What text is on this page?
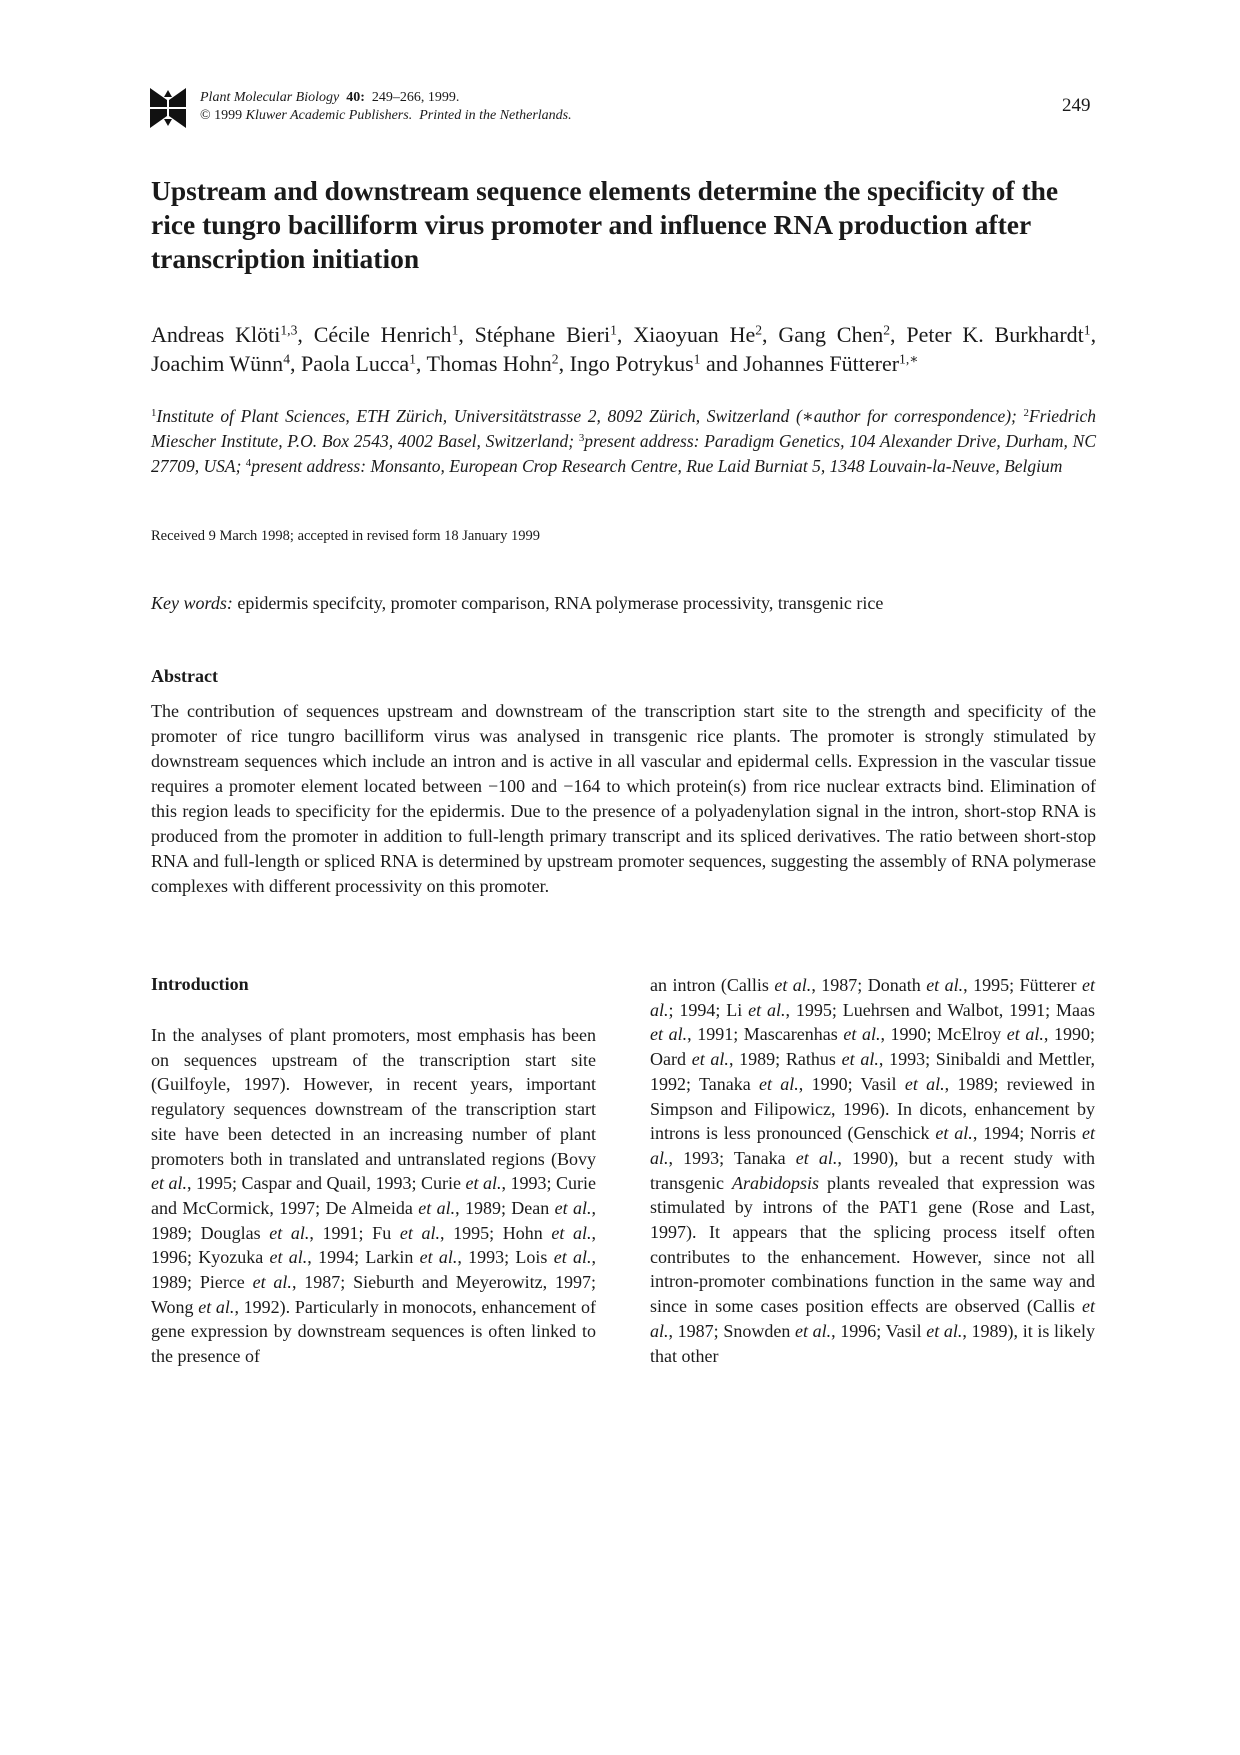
Plant Molecular Biology 40: 249–266, 1999.
© 1999 Kluwer Academic Publishers. Printed in the Netherlands.	249
Upstream and downstream sequence elements determine the specificity of the rice tungro bacilliform virus promoter and influence RNA production after transcription initiation
Andreas Klöti$^{1,3}$, Cécile Henrich$^1$, Stéphane Bieri$^1$, Xiaoyuan He$^2$, Gang Chen$^2$, Peter K. Burkhardt$^1$, Joachim Wünn$^4$, Paola Lucca$^1$, Thomas Hohn$^2$, Ingo Potrykus$^1$ and Johannes Fütterer$^{1,∗}$
$^1$Institute of Plant Sciences, ETH Zürich, Universitätstrasse 2, 8092 Zürich, Switzerland (∗author for correspondence); $^2$Friedrich Miescher Institute, P.O. Box 2543, 4002 Basel, Switzerland; $^3$present address: Paradigm Genetics, 104 Alexander Drive, Durham, NC 27709, USA; $^4$present address: Monsanto, European Crop Research Centre, Rue Laid Burniat 5, 1348 Louvain-la-Neuve, Belgium
Received 9 March 1998; accepted in revised form 18 January 1999
Key words: epidermis specifcity, promoter comparison, RNA polymerase processivity, transgenic rice
Abstract

The contribution of sequences upstream and downstream of the transcription start site to the strength and specificity of the promoter of rice tungro bacilliform virus was analysed in transgenic rice plants. The promoter is strongly stimulated by downstream sequences which include an intron and is active in all vascular and epidermal cells. Expression in the vascular tissue requires a promoter element located between −100 and −164 to which protein(s) from rice nuclear extracts bind. Elimination of this region leads to specificity for the epidermis. Due to the presence of a polyadenylation signal in the intron, short-stop RNA is produced from the promoter in addition to full-length primary transcript and its spliced derivatives. The ratio between short-stop RNA and full-length or spliced RNA is determined by upstream promoter sequences, suggesting the assembly of RNA polymerase complexes with different processivity on this promoter.

Introduction

In the analyses of plant promoters, most emphasis has been on sequences upstream of the transcription start site (Guilfoyle, 1997). However, in recent years, important regulatory sequences downstream of the transcription start site have been detected in an increasing number of plant promoters both in translated and untranslated regions (Bovy et al., 1995; Caspar and Quail, 1993; Curie et al., 1993; Curie and McCormick, 1997; De Almeida et al., 1989; Dean et al., 1989; Douglas et al., 1991; Fu et al., 1995; Hohn et al., 1996; Kyozuka et al., 1994; Larkin et al., 1993; Lois et al., 1989; Pierce et al., 1987; Sieburth and Meyerowitz, 1997; Wong et al., 1992). Particularly in monocots, enhancement of gene expression by downstream sequences is often linked to the presence of

an intron (Callis et al., 1987; Donath et al., 1995; Fütterer et al.; 1994; Li et al., 1995; Luehrsen and Walbot, 1991; Maas et al., 1991; Mascarenhas et al., 1990; McElroy et al., 1990; Oard et al., 1989; Rathus et al., 1993; Sinibaldi and Mettler, 1992; Tanaka et al., 1990; Vasil et al., 1989; reviewed in Simpson and Filipowicz, 1996). In dicots, enhancement by introns is less pronounced (Genschick et al., 1994; Norris et al., 1993; Tanaka et al., 1990), but a recent study with transgenic Arabidopsis plants revealed that expression was stimulated by introns of the PAT1 gene (Rose and Last, 1997). It appears that the splicing process itself often contributes to the enhancement. However, since not all intron-promoter combinations function in the same way and since in some cases position effects are observed (Callis et al., 1987; Snowden et al., 1996; Vasil et al., 1989), it is likely that other
